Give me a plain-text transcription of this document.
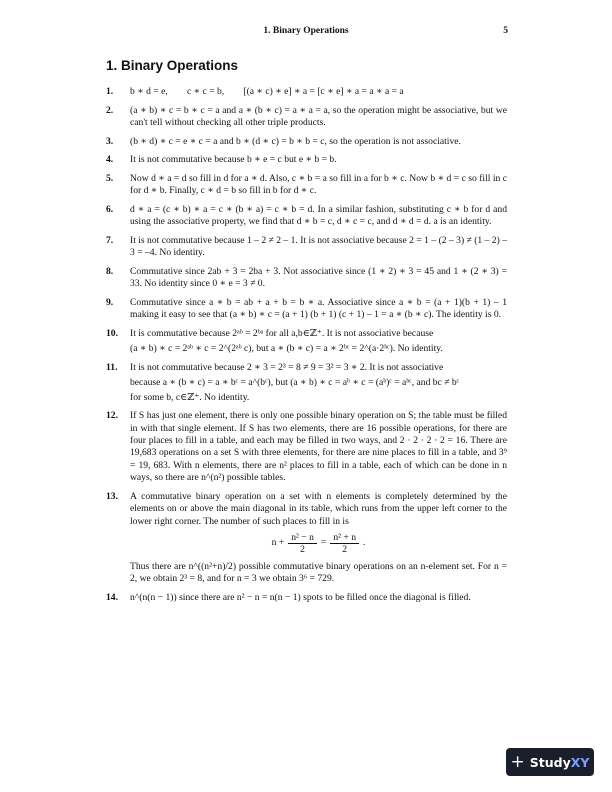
1. Binary Operations	5
1. Binary Operations
1. b ∗ d = e,        c ∗ c = b,        [(a ∗ c) ∗ e] ∗ a = [c ∗ e] ∗ a = a ∗ a = a
2. (a ∗ b) ∗ c = b ∗ c = a and a ∗ (b ∗ c) = a ∗ a = a, so the operation might be associative, but we can't tell without checking all other triple products.
3. (b ∗ d) ∗ c = e ∗ c = a and b ∗ (d ∗ c) = b ∗ b = c, so the operation is not associative.
4. It is not commutative because b ∗ e = c but e ∗ b = b.
5. Now d ∗ a = d so fill in d for a ∗ d. Also, c ∗ b = a so fill in a for b ∗ c. Now b ∗ d = c so fill in c for d ∗ b. Finally, c ∗ d = b so fill in b for d ∗ c.
6. d ∗ a = (c ∗ b) ∗ a = c ∗ (b ∗ a) = c ∗ b = d. In a similar fashion, substituting c ∗ b for d and using the associative property, we find that d ∗ b = c, d ∗ c = c, and d ∗ d = d. a is an identity.
7. It is not commutative because 1 – 2 ≠ 2 – 1. It is not associative because 2 = 1 – (2 – 3) ≠ (1 – 2) – 3 = –4. No identity.
8. Commutative since 2ab + 3 = 2ba + 3. Not associative since (1 ∗ 2) ∗ 3 = 45 and 1 ∗ (2 ∗ 3) = 33. No identity since 0 ∗ e = 3 ≠ 0.
9. Commutative since a ∗ b = ab + a + b = b ∗ a. Associative since a ∗ b = (a + 1)(b + 1) – 1 making it easy to see that (a ∗ b) ∗ c = (a + 1) (b + 1) (c + 1) – 1 = a ∗ (b ∗ c). The identity is 0.
10. It is commutative because 2ᵃᵇ = 2ᵇᵃ for all a,b∈ℤ⁺. It is not associative because
(a ∗ b) ∗ c = 2ᵃᵇ ∗ c = 2^(2ᵃᵇ c), but a ∗ (b ∗ c) = a ∗ 2ᵇᶜ = 2^(a·2ᵇᶜ). No identity.
11. It is not commutative because 2 ∗ 3 = 2³ = 8 ≠ 9 = 3² = 3 ∗ 2. It is not associative
because a ∗ (b ∗ c) = a ∗ bᶜ = a^(bᶜ), but (a ∗ b) ∗ c = aᵇ ∗ c = (aᵇ)ᶜ = aᵇᶜ, and bc ≠ bᶜ
for some b, c∈ℤ⁺. No identity.
12. If S has just one element, there is only one possible binary operation on S; the table must be filled in with that single element. If S has two elements, there are 16 possible operations, for there are four places to fill in a table, and each may be filled in two ways, and 2 · 2 · 2 · 2 = 16. There are 19,683 operations on a set S with three elements, for there are nine places to fill in a table, and 3⁹ = 19, 683. With n elements, there are n² places to fill in a table, each of which can be done in n ways, so there are n^(n²) possible tables.
13. A commutative binary operation on a set with n elements is completely determined by the elements on or above the main diagonal in its table, which runs from the upper left corner to the lower right corner. The number of such places to fill in is
$n + \frac{\text{n² − n}}{2} = \frac{\text{n² + n}}{2}$ .
Thus there are n^((n²+n)/2) possible commutative binary operations on an n-element set. For n = 2, we obtain 2³ = 8, and for n = 3 we obtain 3⁶ = 729.
14. n^(n(n − 1)) since there are n² − n = n(n − 1) spots to be filled once the diagonal is filled.
+ StudyXY
